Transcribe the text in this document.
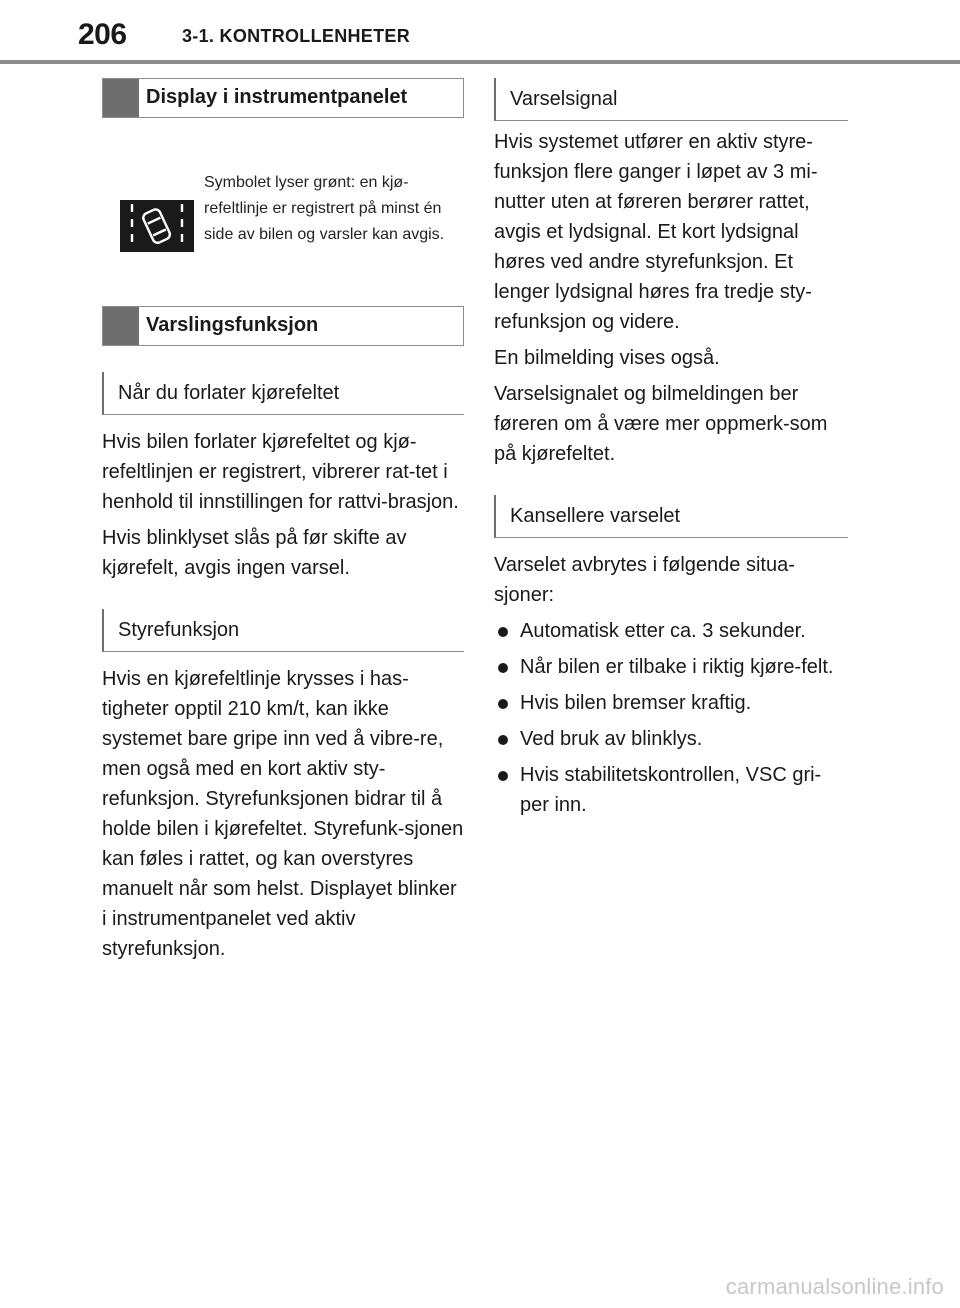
206	3-1. KONTROLLENHETER
Display i instrumentpanelet
Symbolet lyser grønt: en kjø-refeltlinje er registrert på minst én side av bilen og varsler kan avgis.
Varslingsfunksjon
Når du forlater kjørefeltet

Hvis bilen forlater kjørefeltet og kjø-refeltlinjen er registrert, vibrerer rat-tet i henhold til innstillingen for rattvi-brasjon.

Hvis blinklyset slås på før skifte av kjørefelt, avgis ingen varsel.

Styrefunksjon

Hvis en kjørefeltlinje krysses i has-tigheter opptil 210 km/t, kan ikke systemet bare gripe inn ved å vibre-re, men også med en kort aktiv sty-refunksjon. Styrefunksjonen bidrar til å holde bilen i kjørefeltet. Styrefunk-sjonen kan føles i rattet, og kan overstyres manuelt når som helst. Displayet blinker i instrumentpanelet ved aktiv styrefunksjon.

Varselsignal

Hvis systemet utfører en aktiv styre-funksjon flere ganger i løpet av 3 mi-nutter uten at føreren berører rattet, avgis et lydsignal. Et kort lydsignal høres ved andre styrefunksjon. Et lenger lydsignal høres fra tredje sty-refunksjon og videre.

En bilmelding vises også.

Varselsignalet og bilmeldingen ber føreren om å være mer oppmerk-som på kjørefeltet.

Kansellere varselet

Varselet avbrytes i følgende situa-sjoner:

Automatisk etter ca. 3 sekunder.
Når bilen er tilbake i riktig kjøre-felt.
Hvis bilen bremser kraftig.
Ved bruk av blinklys.
Hvis stabilitetskontrollen, VSC gri-per inn.
carmanualsonline.info
